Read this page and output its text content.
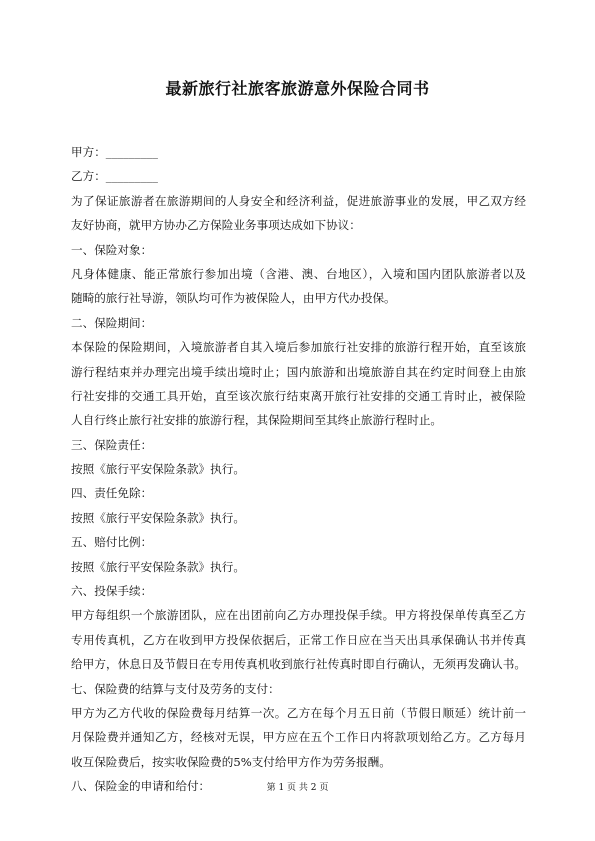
最新旅行社旅客旅游意外保险合同书
甲方：_________
乙方：_________
为了保证旅游者在旅游期间的人身安全和经济利益，促进旅游事业的发展，甲乙双方经
友好协商，就甲方协办乙方保险业务事项达成如下协议：
一、保险对象：
凡身体健康、能正常旅行参加出境（含港、澳、台地区），入境和国内团队旅游者以及
随畸的旅行社导游，领队均可作为被保险人，由甲方代办投保。
二、保险期间：
本保险的保险期间，入境旅游者自其入境后参加旅行社安排的旅游行程开始，直至该旅
游行程结束并办理完出境手续出境时止；国内旅游和出境旅游自其在约定时间登上由旅
行社安排的交通工具开始，直至该次旅行结束离开旅行社安排的交通工肯时止，被保险
人自行终止旅行社安排的旅游行程，其保险期间至其终止旅游行程时止。
三、保险责任：
按照《旅行平安保险条款》执行。
四、责任免除：
按照《旅行平安保险条款》执行。
五、赔付比例：
按照《旅行平安保险条款》执行。
六、投保手续：
甲方每组织一个旅游团队，应在出团前向乙方办理投保手续。甲方将投保单传真至乙方
专用传真机，乙方在收到甲方投保依据后，正常工作日应在当天出具承保确认书并传真
给甲方，休息日及节假日在专用传真机收到旅行社传真时即自行确认，无须再发确认书。
七、保险费的结算与支付及劳务的支付：
甲方为乙方代收的保险费每月结算一次。乙方在每个月五日前（节假日顺延）统计前一
月保险费并通知乙方，经核对无误，甲方应在五个工作日内将款项划给乙方。乙方每月
收互保险费后，按实收保险费的5%支付给甲方作为劳务报酬。
八、保险金的申请和给付：	第 1 页 共 2 页
